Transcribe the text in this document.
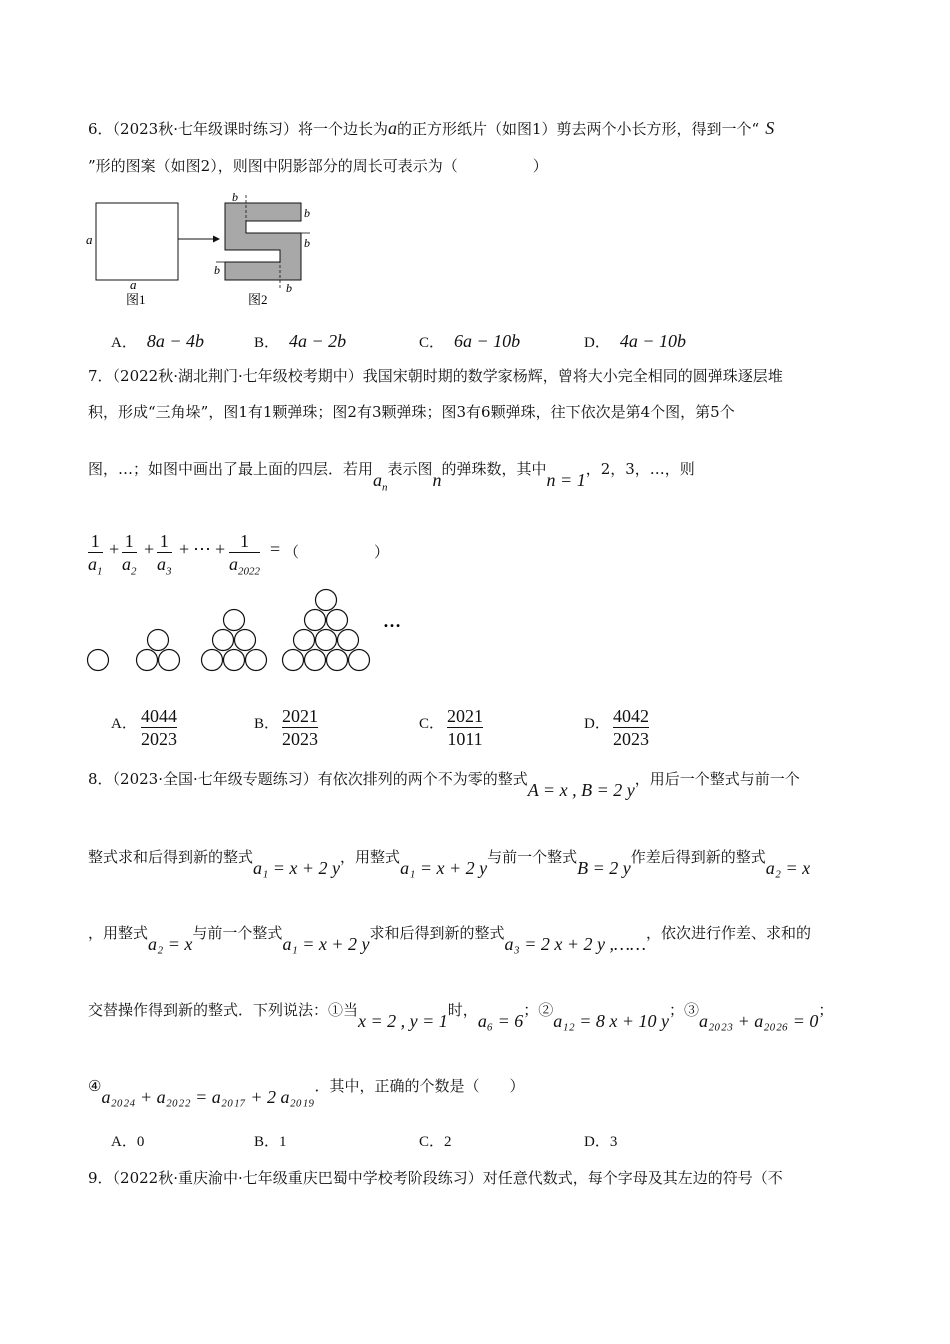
6．（2023秋·七年级课时练习）将一个边长为a的正方形纸片（如图1）剪去两个小长方形，得到一个“ S
”形的图案（如图2），则图中阴影部分的周长可表示为（　　　　　）
a
a
图1
b
b
b
b
b
图2
A． 8a − 4b	B． 4a − 2b	C． 6a − 10b	D． 4a − 10b
7．（2022秋·湖北荆门·七年级校考期中）我国宋朝时期的数学家杨辉，曾将大小完全相同的圆弹珠逐层堆
积，形成“三角垛”，图1有1颗弹珠；图2有3颗弹珠；图3有6颗弹珠，往下依次是第4个图，第5个
图，…；如图中画出了最上面的四层．若用$a_n$表示图n的弹珠数，其中n = 1，2，3，…，则
1
$a_1$
+ 1
$a_2$
+ 1
$a_3$
+ ⋯ + 1
$a_{2022}$
= （　　　　　）
…
A． 4044
2023
B． 2021
2023
C． 2021
1011
D． 4042
2023
8．（2023·全国·七年级专题练习）有依次排列的两个不为零的整式A = x , B = 2 y，用后一个整式与前一个
整式求和后得到新的整式a₁ = x + 2 y，用整式a₁ = x + 2 y与前一个整式B = 2 y作差后得到新的整式a₂ = x
，用整式a₂ = x与前一个整式a₁ = x + 2 y求和后得到新的整式a₃ = 2 x + 2 y ,……，依次进行作差、求和的
交替操作得到新的整式．下列说法：①当x = 2 , y = 1时，a₆ = 6；②a₁₂ = 8 x + 10 y；③a₂₀₂₃ + a₂₀₂₆ = 0；
④a₂₀₂₄ + a₂₀₂₂ = a₂₀₁₇ + 2 a₂₀₁₉．其中，正确的个数是（　　）
A．0	B．1	C．2	D．3
9．（2022秋·重庆渝中·七年级重庆巴蜀中学校考阶段练习）对任意代数式，每个字母及其左边的符号（不
